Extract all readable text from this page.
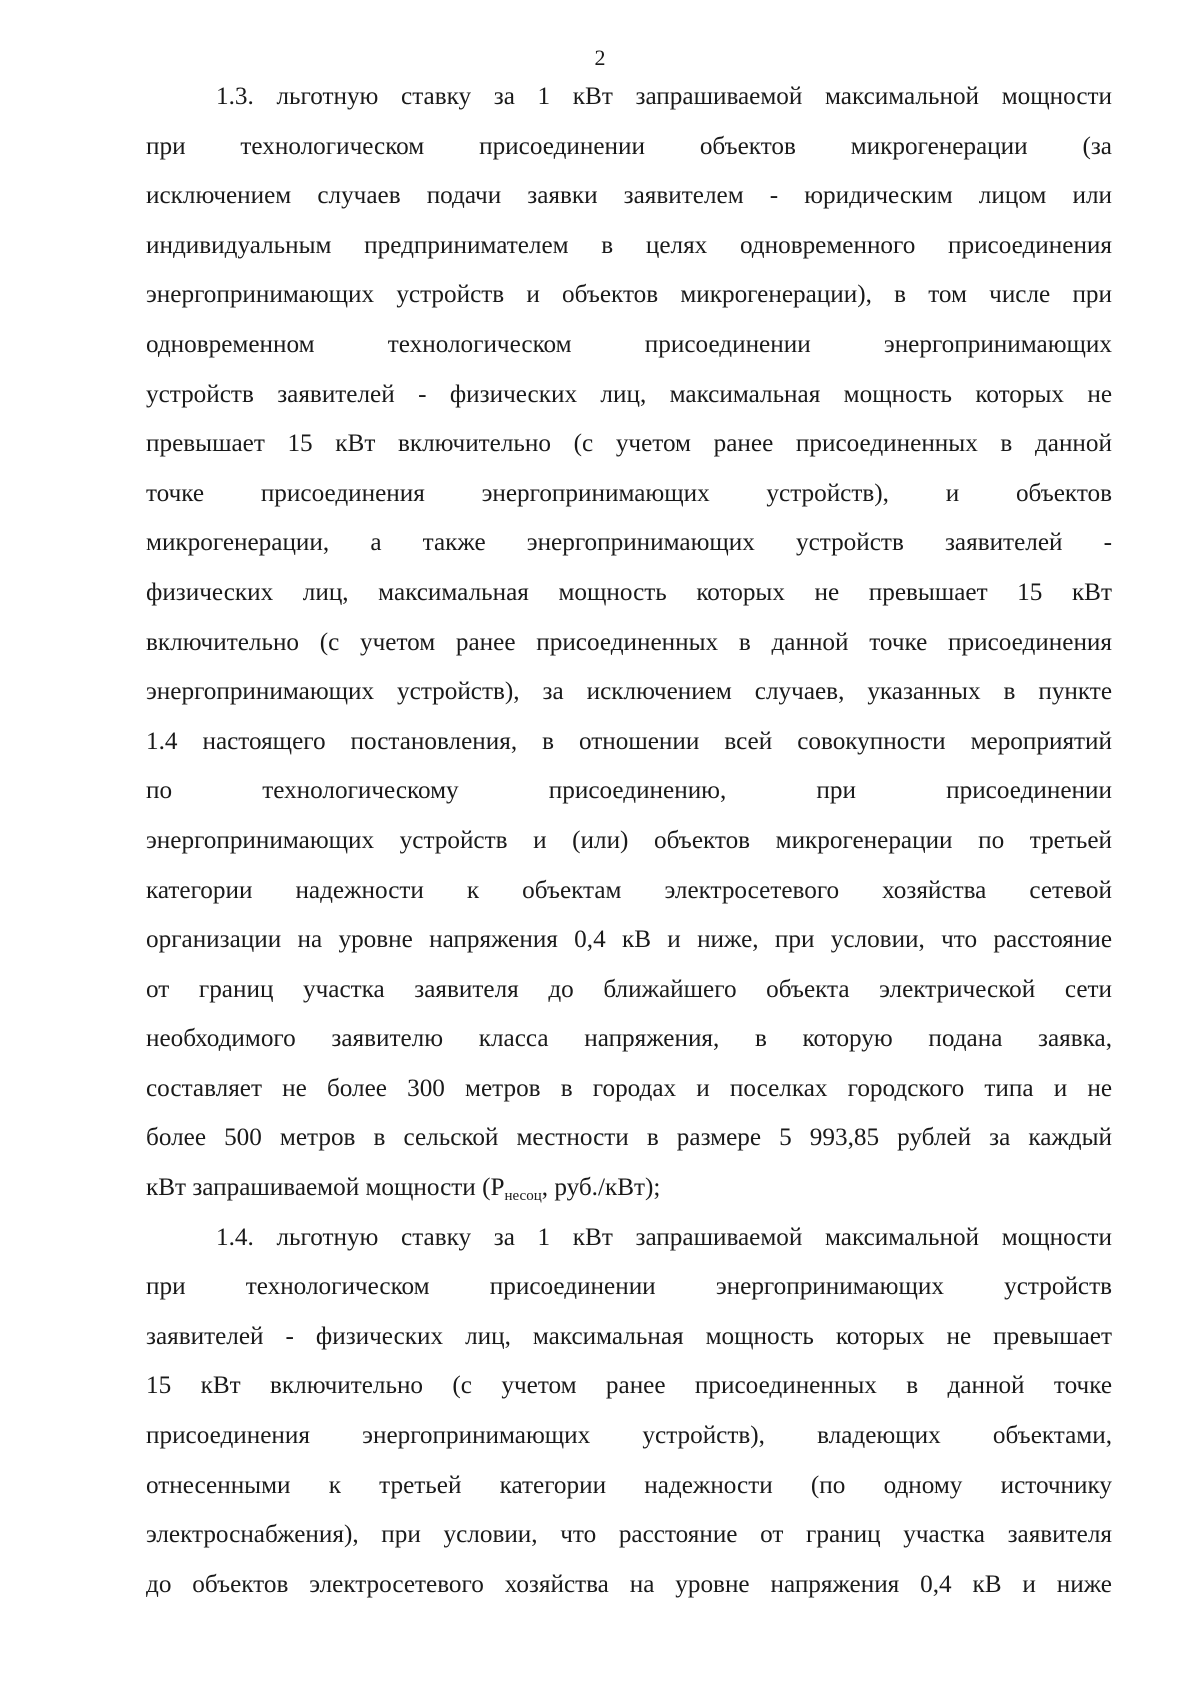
2
1.3. льготную ставку за 1 кВт запрашиваемой максимальной мощности
при технологическом присоединении объектов микрогенерации (за
исключением случаев подачи заявки заявителем - юридическим лицом или
индивидуальным предпринимателем в целях одновременного присоединения
энергопринимающих устройств и объектов микрогенерации), в том числе при
одновременном технологическом присоединении энергопринимающих
устройств заявителей - физических лиц, максимальная мощность которых не
превышает 15 кВт включительно (с учетом ранее присоединенных в данной
точке присоединения энергопринимающих устройств), и объектов
микрогенерации, а также энергопринимающих устройств заявителей -
физических лиц, максимальная мощность которых не превышает 15 кВт
включительно (с учетом ранее присоединенных в данной точке присоединения
энергопринимающих устройств), за исключением случаев, указанных в пункте
1.4 настоящего постановления, в отношении всей совокупности мероприятий
по технологическому присоединению, при присоединении
энергопринимающих устройств и (или) объектов микрогенерации по третьей
категории надежности к объектам электросетевого хозяйства сетевой
организации на уровне напряжения 0,4 кВ и ниже, при условии, что расстояние
от границ участка заявителя до ближайшего объекта электрической сети
необходимого заявителю класса напряжения, в которую подана заявка,
составляет не более 300 метров в городах и поселках городского типа и не
более 500 метров в сельской местности в размере 5 993,85 рублей за каждый
кВт запрашиваемой мощности ($Р_{несоц}$, руб./кВт);
1.4. льготную ставку за 1 кВт запрашиваемой максимальной мощности
при технологическом присоединении энергопринимающих устройств
заявителей - физических лиц, максимальная мощность которых не превышает
15 кВт включительно (с учетом ранее присоединенных в данной точке
присоединения энергопринимающих устройств), владеющих объектами,
отнесенными к третьей категории надежности (по одному источнику
электроснабжения), при условии, что расстояние от границ участка заявителя
до объектов электросетевого хозяйства на уровне напряжения 0,4 кВ и ниже
